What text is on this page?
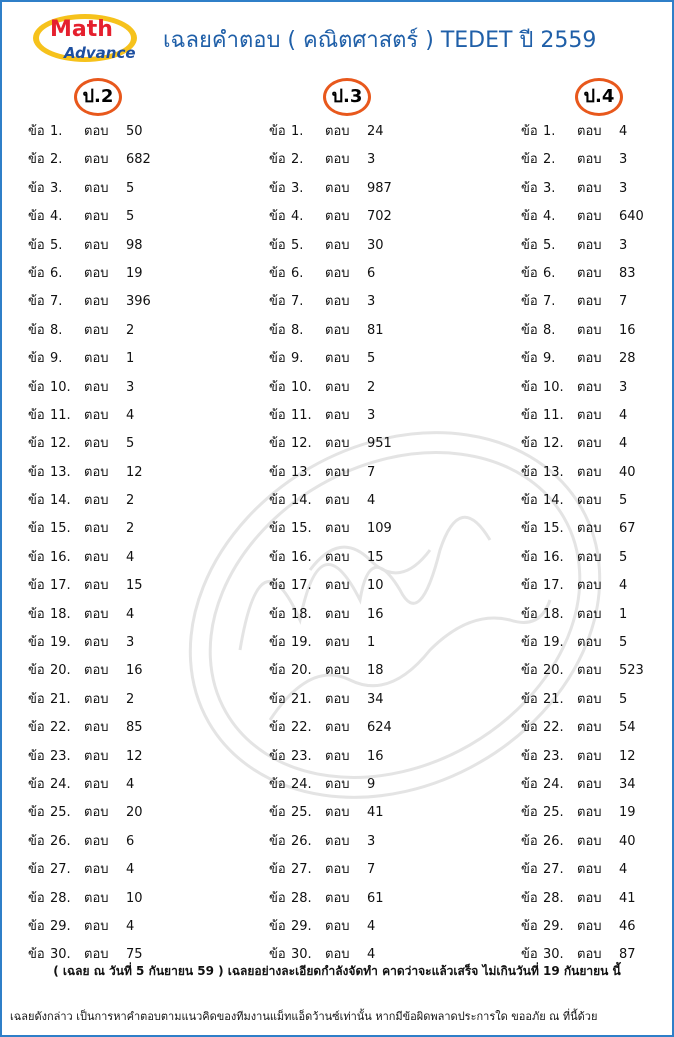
Math
Advance เฉลยคำตอบ ( คณิตศาสตร์ ) TEDET ปี 2559
ป.2	ป.3	ป.4
ข้อ 1. ตอบ 50
ข้อ 2. ตอบ 682
ข้อ 3. ตอบ 5
ข้อ 4. ตอบ 5
ข้อ 5. ตอบ 98
ข้อ 6. ตอบ 19
ข้อ 7. ตอบ 396
ข้อ 8. ตอบ 2
ข้อ 9. ตอบ 1
ข้อ 10. ตอบ 3
ข้อ 11. ตอบ 4
ข้อ 12. ตอบ 5
ข้อ 13. ตอบ 12
ข้อ 14. ตอบ 2
ข้อ 15. ตอบ 2
ข้อ 16. ตอบ 4
ข้อ 17. ตอบ 15
ข้อ 18. ตอบ 4
ข้อ 19. ตอบ 3
ข้อ 20. ตอบ 16
ข้อ 21. ตอบ 2
ข้อ 22. ตอบ 85
ข้อ 23. ตอบ 12
ข้อ 24. ตอบ 4
ข้อ 25. ตอบ 20
ข้อ 26. ตอบ 6
ข้อ 27. ตอบ 4
ข้อ 28. ตอบ 10
ข้อ 29. ตอบ 4
ข้อ 30. ตอบ 75
ข้อ 1. ตอบ 24
ข้อ 2. ตอบ 3
ข้อ 3. ตอบ 987
ข้อ 4. ตอบ 702
ข้อ 5. ตอบ 30
ข้อ 6. ตอบ 6
ข้อ 7. ตอบ 3
ข้อ 8. ตอบ 81
ข้อ 9. ตอบ 5
ข้อ 10. ตอบ 2
ข้อ 11. ตอบ 3
ข้อ 12. ตอบ 951
ข้อ 13. ตอบ 7
ข้อ 14. ตอบ 4
ข้อ 15. ตอบ 109
ข้อ 16. ตอบ 15
ข้อ 17. ตอบ 10
ข้อ 18. ตอบ 16
ข้อ 19. ตอบ 1
ข้อ 20. ตอบ 18
ข้อ 21. ตอบ 34
ข้อ 22. ตอบ 624
ข้อ 23. ตอบ 16
ข้อ 24. ตอบ 9
ข้อ 25. ตอบ 41
ข้อ 26. ตอบ 3
ข้อ 27. ตอบ 7
ข้อ 28. ตอบ 61
ข้อ 29. ตอบ 4
ข้อ 30. ตอบ 4
ข้อ 1. ตอบ 4
ข้อ 2. ตอบ 3
ข้อ 3. ตอบ 3
ข้อ 4. ตอบ 640
ข้อ 5. ตอบ 3
ข้อ 6. ตอบ 83
ข้อ 7. ตอบ 7
ข้อ 8. ตอบ 16
ข้อ 9. ตอบ 28
ข้อ 10. ตอบ 3
ข้อ 11. ตอบ 4
ข้อ 12. ตอบ 4
ข้อ 13. ตอบ 40
ข้อ 14. ตอบ 5
ข้อ 15. ตอบ 67
ข้อ 16. ตอบ 5
ข้อ 17. ตอบ 4
ข้อ 18. ตอบ 1
ข้อ 19. ตอบ 5
ข้อ 20. ตอบ 523
ข้อ 21. ตอบ 5
ข้อ 22. ตอบ 54
ข้อ 23. ตอบ 12
ข้อ 24. ตอบ 34
ข้อ 25. ตอบ 19
ข้อ 26. ตอบ 40
ข้อ 27. ตอบ 4
ข้อ 28. ตอบ 41
ข้อ 29. ตอบ 46
ข้อ 30. ตอบ 87
( เฉลย ณ วันที่ 5 กันยายน 59 ) เฉลยอย่างละเอียดกำลังจัดทำ คาดว่าจะแล้วเสร็จ ไม่เกินวันที่ 19 กันยายน นี้
เฉลยดังกล่าว เป็นการหาคำตอบตามแนวคิดของทีมงานแม็ทแอ็ดว้านซ์เท่านั้น หากมีข้อผิดพลาดประการใด ขออภัย ณ ที่นี้ด้วย
